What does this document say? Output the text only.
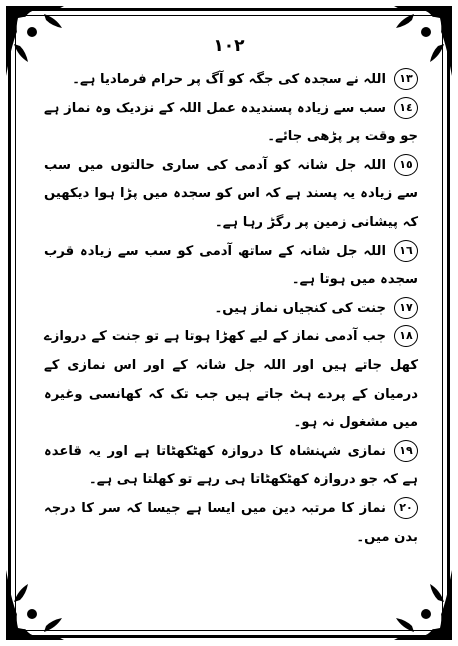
١٠٢
١٣اللہ نے سجدہ کی جگہ کو آگ پر حرام فرمادیا ہے۔
١٤سب سے زیادہ پسندیدہ عمل اللہ کے نزدیک وہ نماز ہے جو وقت پر پڑھی جائے۔
١٥اللہ جل شانہ کو آدمی کی ساری حالتوں میں سب سے زیادہ یہ پسند ہے کہ اس کو سجدہ میں پڑا ہوا دیکھیں کہ پیشانی زمین پر رگڑ رہا ہے۔
١٦اللہ جل شانہ کے ساتھ آدمی کو سب سے زیادہ قرب سجدہ میں ہوتا ہے۔
١٧جنت کی کنجیاں نماز ہیں۔
١٨جب آدمی نماز کے لیے کھڑا ہوتا ہے تو جنت کے دروازے کھل جاتے ہیں اور اللہ جل شانہ کے اور اس نمازی کے درمیان کے پردے ہٹ جاتے ہیں جب تک کہ کھانسی وغیرہ میں مشغول نہ ہو۔
١٩نمازی شہنشاہ کا دروازہ کھٹکھٹاتا ہے اور یہ قاعدہ ہے کہ جو دروازہ کھٹکھٹاتا ہی رہے تو کھلتا ہی ہے۔
٢٠نماز کا مرتبہ دین میں ایسا ہے جیسا کہ سر کا درجہ بدن میں۔
